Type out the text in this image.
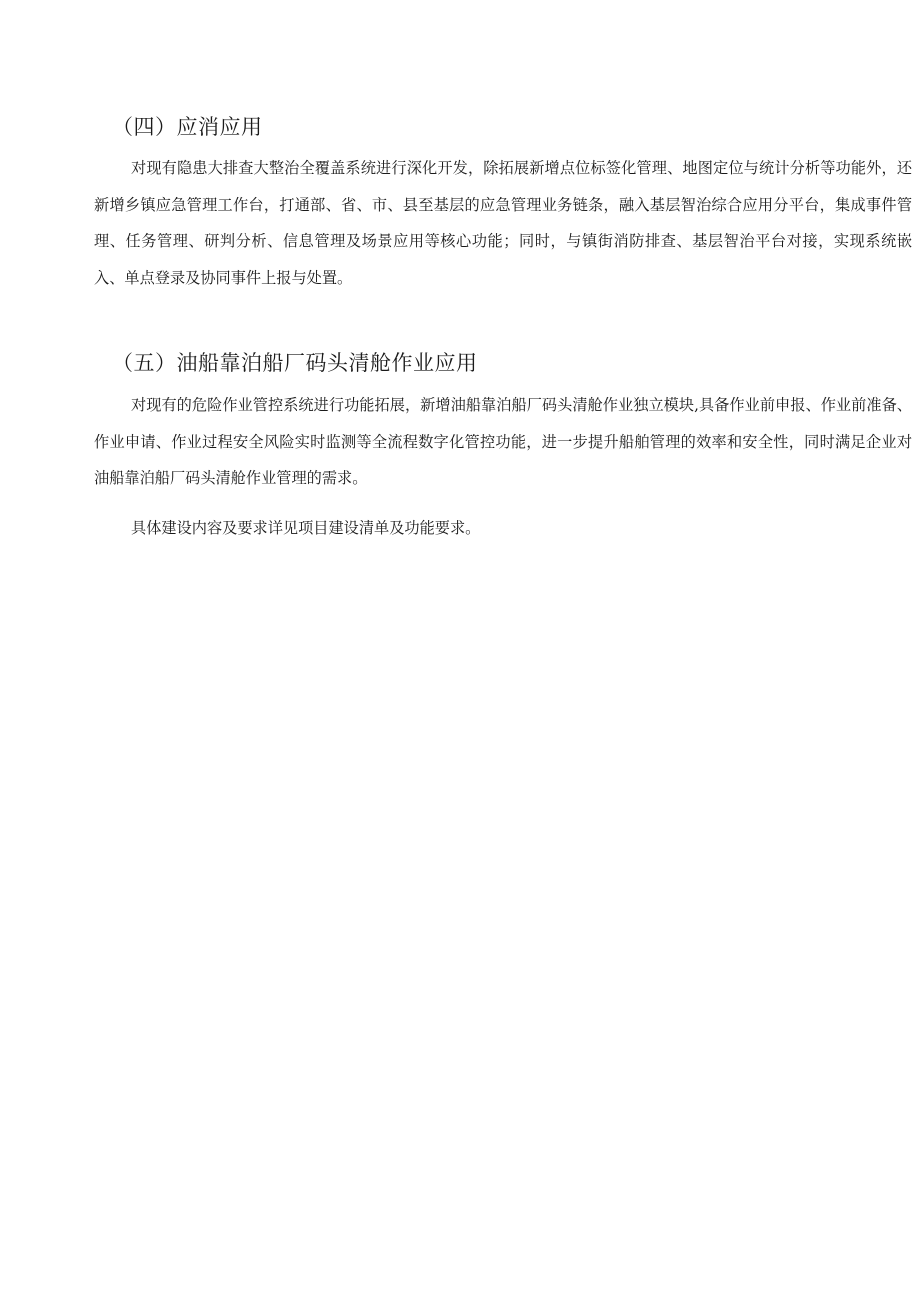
（四）应消应用

对现有隐患大排查大整治全覆盖系统进行深化开发，除拓展新增点位标签化管理、地图定位与统计分析等功能外，还新增乡镇应急管理工作台，打通部、省、市、县至基层的应急管理业务链条，融入基层智治综合应用分平台，集成事件管理、任务管理、研判分析、信息管理及场景应用等核心功能；同时，与镇街消防排查、基层智治平台对接，实现系统嵌入、单点登录及协同事件上报与处置。

（五）油船靠泊船厂码头清舱作业应用

对现有的危险作业管控系统进行功能拓展，新增油船靠泊船厂码头清舱作业独立模块,具备作业前申报、作业前准备、作业申请、作业过程安全风险实时监测等全流程数字化管控功能，进一步提升船舶管理的效率和安全性，同时满足企业对油船靠泊船厂码头清舱作业管理的需求。

具体建设内容及要求详见项目建设清单及功能要求。
